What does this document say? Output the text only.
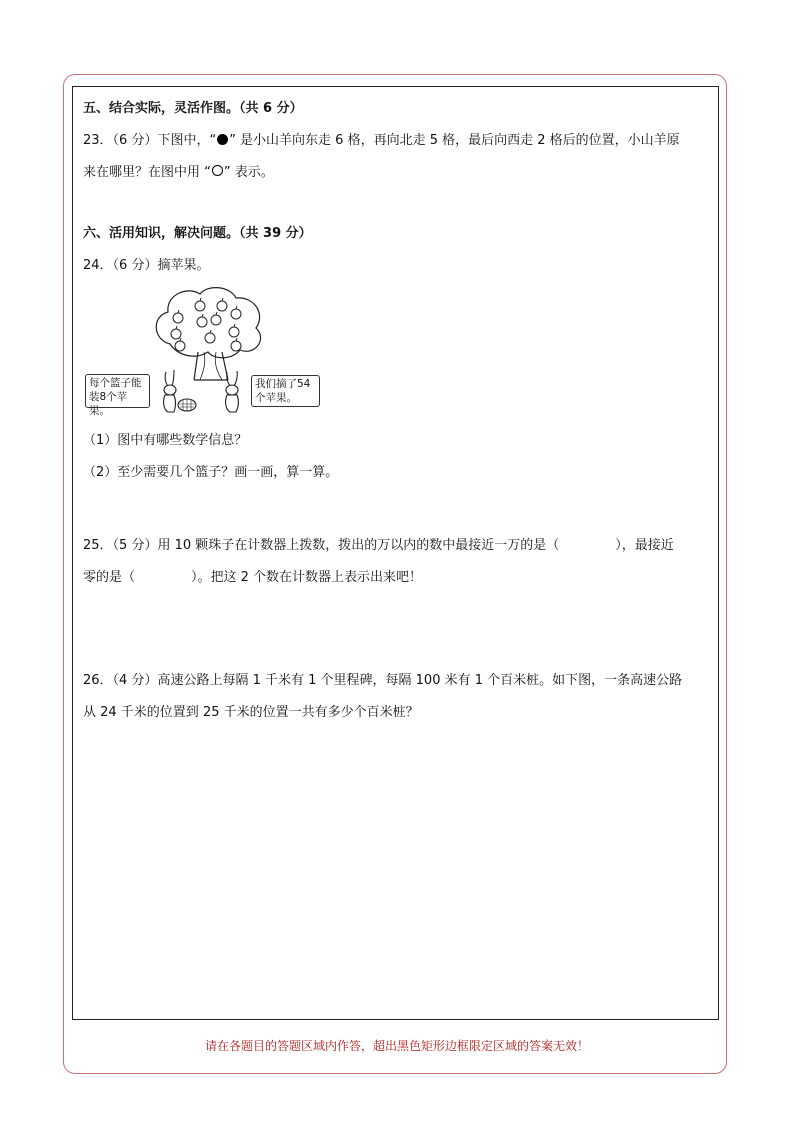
五、结合实际，灵活作图。（共 6 分）
23．（6 分）下图中，“ ” 是小山羊向东走 6 格，再向北走 5 格，最后向西走 2 格后的位置，小山羊原
来在哪里？在图中用 “ ” 表示。
六、活用知识，解决问题。（共 39 分）
24．（6 分）摘苹果。
每个篮子能
装8个苹果。
我们摘了54
个苹果。
（1）图中有哪些数学信息？
（2）至少需要几个篮子？画一画，算一算。
25．（5 分）用 10 颗珠子在计数器上拨数，拨出的万以内的数中最接近一万的是（	），最接近
零的是（	）。把这 2 个数在计数器上表示出来吧！
26．（4 分）高速公路上每隔 1 千米有 1 个里程碑，每隔 100 米有 1 个百米桩。如下图，一条高速公路
从 24 千米的位置到 25 千米的位置一共有多少个百米桩？
请在各题目的答题区域内作答，超出黑色矩形边框限定区域的答案无效！
